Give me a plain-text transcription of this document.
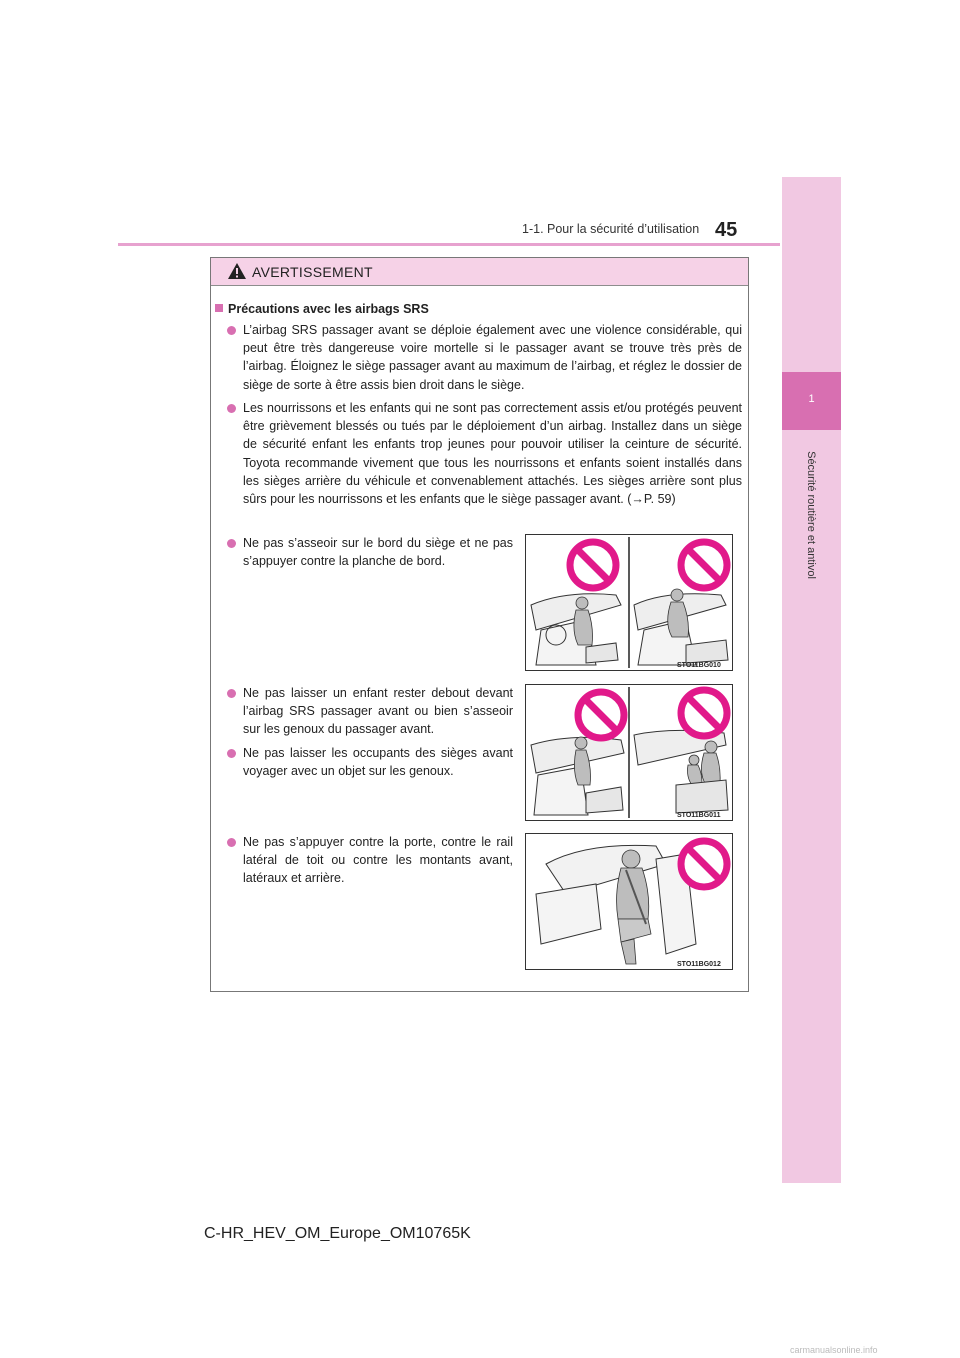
1-1. Pour la sécurité d’utilisation 45
1
Sécurité routière et antivol
AVERTISSEMENT
Précautions avec les airbags SRS
L’airbag SRS passager avant se déploie également avec une violence considérable, qui peut être très dangereuse voire mortelle si le passager avant se trouve très près de l’airbag. Éloignez le siège passager avant au maximum de l’airbag, et réglez le dossier de siège de sorte à être assis bien droit dans le siège.
Les nourrissons et les enfants qui ne sont pas correctement assis et/ou protégés peuvent être grièvement blessés ou tués par le déploiement d’un airbag. Installez dans un siège de sécurité enfant les enfants trop jeunes pour pouvoir utiliser la ceinture de sécurité. Toyota recommande vivement que tous les nourrissons et enfants soient installés dans les sièges arrière du véhicule et convenablement attachés. Les sièges arrière sont plus sûrs pour les nourrissons et les enfants que le siège passager avant. (→P. 59)
Ne pas s’asseoir sur le bord du siège et ne pas s’appuyer contre la planche de bord.
STO11BG010
Ne pas laisser un enfant rester debout devant l’airbag SRS passager avant ou bien s’asseoir sur les genoux du passager avant.
Ne pas laisser les occupants des sièges avant voyager avec un objet sur les genoux.
STO11BG011
Ne pas s’appuyer contre la porte, contre le rail latéral de toit ou contre les montants avant, latéraux et arrière.
STO11BG012
C-HR_HEV_OM_Europe_OM10765K
carmanualsonline.info
